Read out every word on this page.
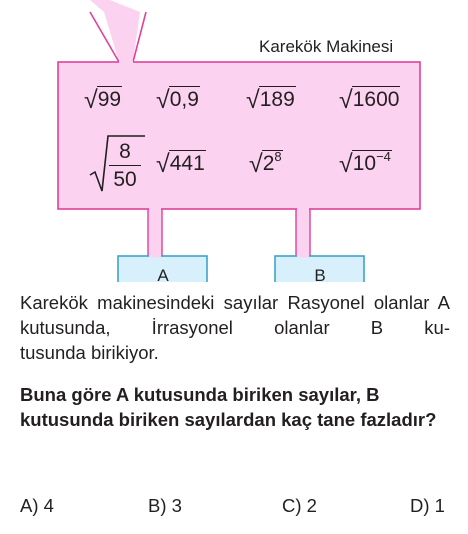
Karekök Makinesi
√99 √0,9 √189 √1600
$\frac{8}{50} √441$ $√2^8$ $√10^{-4}$
A	B
Karekök makinesindeki sayılar Rasyonel olanlar A kutusunda, İrrasyonel olanlar B ku-
tusunda birikiyor.
Buna göre A kutusunda biriken sayılar, B kutusunda biriken sayılardan kaç tane fazladır?
A) 4	B) 3	C) 2	D) 1
